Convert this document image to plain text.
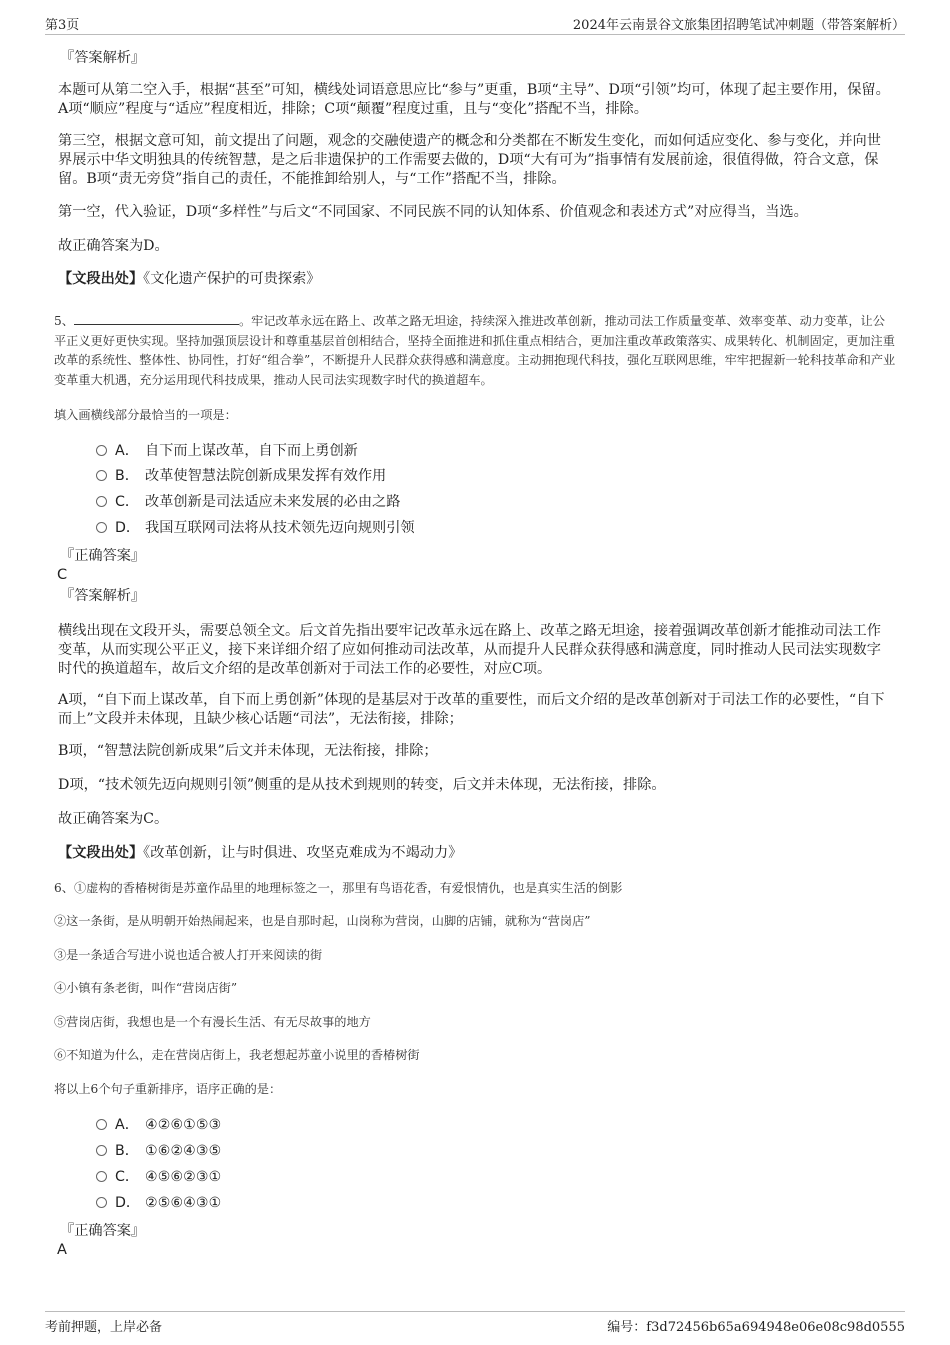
第3页	2024年云南景谷文旅集团招聘笔试冲刺题（带答案解析）
『答案解析』
本题可从第二空入手，根据“甚至”可知，横线处词语意思应比“参与”更重，B项“主导”、D项“引领”均可，体现了起主要作用，保留。A项“顺应”程度与“适应”程度相近，排除；C项“颠覆”程度过重，且与“变化”搭配不当，排除。
第三空，根据文意可知，前文提出了问题，观念的交融使遗产的概念和分类都在不断发生变化，而如何适应变化、参与变化，并向世界展示中华文明独具的传统智慧，是之后非遗保护的工作需要去做的，D项“大有可为”指事情有发展前途，很值得做，符合文意，保留。B项“责无旁贷”指自己的责任，不能推卸给别人，与“工作”搭配不当，排除。
第一空，代入验证，D项“多样性”与后文“不同国家、不同民族不同的认知体系、价值观念和表述方式”对应得当，当选。
故正确答案为D。
【文段出处】《文化遗产保护的可贵探索》
5、	。牢记改革永远在路上、改革之路无坦途，持续深入推进改革创新，推动司法工作质量变革、效率变革、动力变革，让公平正义更好更快实现。坚持加强顶层设计和尊重基层首创相结合，坚持全面推进和抓住重点相结合，更加注重改革政策落实、成果转化、机制固定，更加注重改革的系统性、整体性、协同性，打好“组合拳”，不断提升人民群众获得感和满意度。主动拥抱现代科技，强化互联网思维，牢牢把握新一轮科技革命和产业变革重大机遇，充分运用现代科技成果，推动人民司法实现数字时代的换道超车。
填入画横线部分最恰当的一项是：
A． 自下而上谋改革，自下而上勇创新
B． 改革使智慧法院创新成果发挥有效作用
C． 改革创新是司法适应未来发展的必由之路
D． 我国互联网司法将从技术领先迈向规则引领
『正确答案』
C
『答案解析』
横线出现在文段开头，需要总领全文。后文首先指出要牢记改革永远在路上、改革之路无坦途，接着强调改革创新才能推动司法工作变革，从而实现公平正义，接下来详细介绍了应如何推动司法改革，从而提升人民群众获得感和满意度，同时推动人民司法实现数字时代的换道超车，故后文介绍的是改革创新对于司法工作的必要性，对应C项。
A项，“自下而上谋改革，自下而上勇创新”体现的是基层对于改革的重要性，而后文介绍的是改革创新对于司法工作的必要性，“自下而上”文段并未体现，且缺少核心话题“司法”，无法衔接，排除；
B项，“智慧法院创新成果”后文并未体现，无法衔接，排除；
D项，“技术领先迈向规则引领”侧重的是从技术到规则的转变，后文并未体现，无法衔接，排除。
故正确答案为C。
【文段出处】《改革创新，让与时俱进、攻坚克难成为不竭动力》
6、①虚构的香椿树街是苏童作品里的地理标签之一，那里有鸟语花香，有爱恨情仇，也是真实生活的倒影
②这一条街，是从明朝开始热闹起来，也是自那时起，山岗称为营岗，山脚的店铺，就称为“营岗店”
③是一条适合写进小说也适合被人打开来阅读的街
④小镇有条老街，叫作“营岗店街”
⑤营岗店街，我想也是一个有漫长生活、有无尽故事的地方
⑥不知道为什么，走在营岗店街上，我老想起苏童小说里的香椿树街
将以上6个句子重新排序，语序正确的是：
A． ④②⑥①⑤③
B． ①⑥②④③⑤
C． ④⑤⑥②③①
D． ②⑤⑥④③①
『正确答案』
A
考前押题，上岸必备	编号：f3d72456b65a694948e06e08c98d0555
